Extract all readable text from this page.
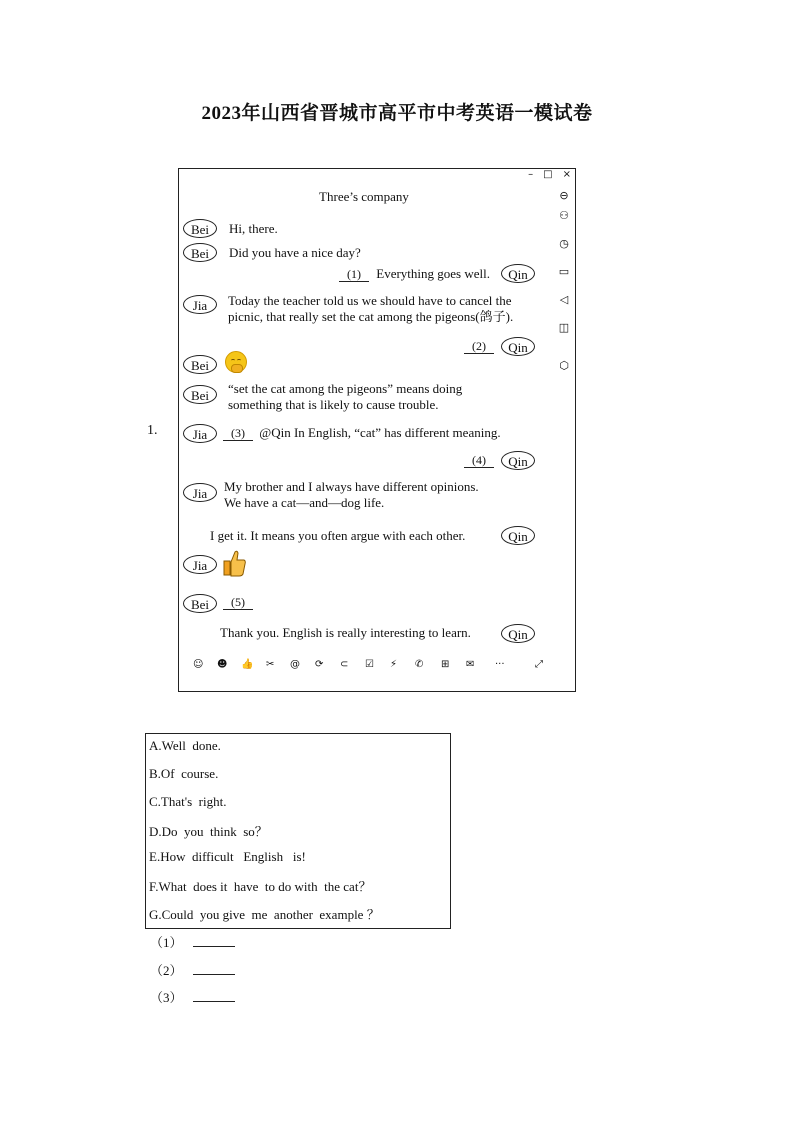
2023年山西省晋城市高平市中考英语一模试卷
1.
– □ ×
Three’s company	⊖
⚇
◷
▭
◁
◫
⬡
Bei	Hi, there.
Bei	Did you have a nice day?
(1) Everything goes well.	Qin
Jia	Today the teacher told us we should have to cancel the
picnic, that really set the cat among the pigeons(鸽子).
(2)	Qin
Bei
Bei	“set the cat among the pigeons” means doing
something that is likely to cause trouble.
Jia	(3) @Qin In English, “cat” has different meaning.
(4)	Qin
Jia	My brother and I always have different opinions.
We have a cat—and—dog life.
I get it. It means you often argue with each other.	Qin
Jia
Bei	(5)
Thank you. English is really interesting to learn.	Qin
☺ ☻ 👍 ✂ @ ⟳ ⊂ ☑ ⚡ ✆ ⊞ ✉ ···	⤢
A.Well  done.
B.Of  course.
C.That's  right.
D.Do  you  think  so？
E.How  difficult   English   is!
F.What  does it  have  to do with  the cat？
G.Could  you give  me  another  example ？
（1）
（2）
（3）
